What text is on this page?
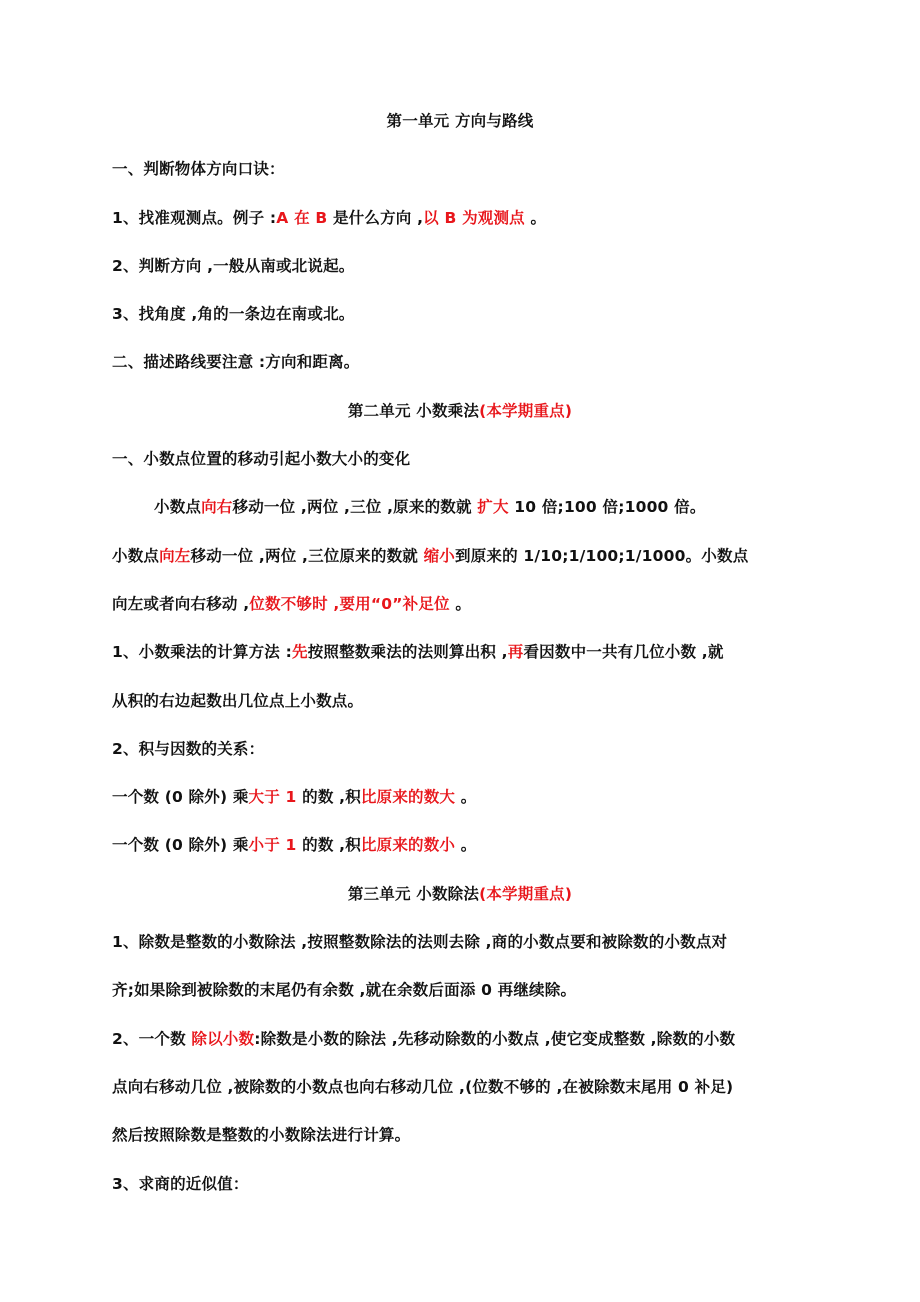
第一单元 方向与路线
一、判断物体方向口诀：
1、找准观测点。例子 :A 在 B 是什么方向 ,以 B 为观测点 。
2、判断方向 ,一般从南或北说起。
3、找角度 ,角的一条边在南或北。
二、描述路线要注意 :方向和距离。
第二单元 小数乘法(本学期重点)
一、小数点位置的移动引起小数大小的变化
小数点向右移动一位 ,两位 ,三位 ,原来的数就 扩大 10 倍;100 倍;1000 倍。
小数点向左移动一位 ,两位 ,三位原来的数就 缩小到原来的 1/10;1/100;1/1000。小数点
向左或者向右移动 ,位数不够时 ,要用“0”补足位 。
1、小数乘法的计算方法 :先按照整数乘法的法则算出积 ,再看因数中一共有几位小数 ,就
从积的右边起数出几位点上小数点。
2、积与因数的关系：
一个数 (0 除外) 乘大于 1 的数 ,积比原来的数大 。
一个数 (0 除外) 乘小于 1 的数 ,积比原来的数小 。
第三单元 小数除法(本学期重点)
1、除数是整数的小数除法 ,按照整数除法的法则去除 ,商的小数点要和被除数的小数点对
齐;如果除到被除数的末尾仍有余数 ,就在余数后面添 0 再继续除。
2、一个数 除以小数:除数是小数的除法 ,先移动除数的小数点 ,使它变成整数 ,除数的小数
点向右移动几位 ,被除数的小数点也向右移动几位 ,(位数不够的 ,在被除数末尾用 0 补足)
然后按照除数是整数的小数除法进行计算。
3、求商的近似值：
